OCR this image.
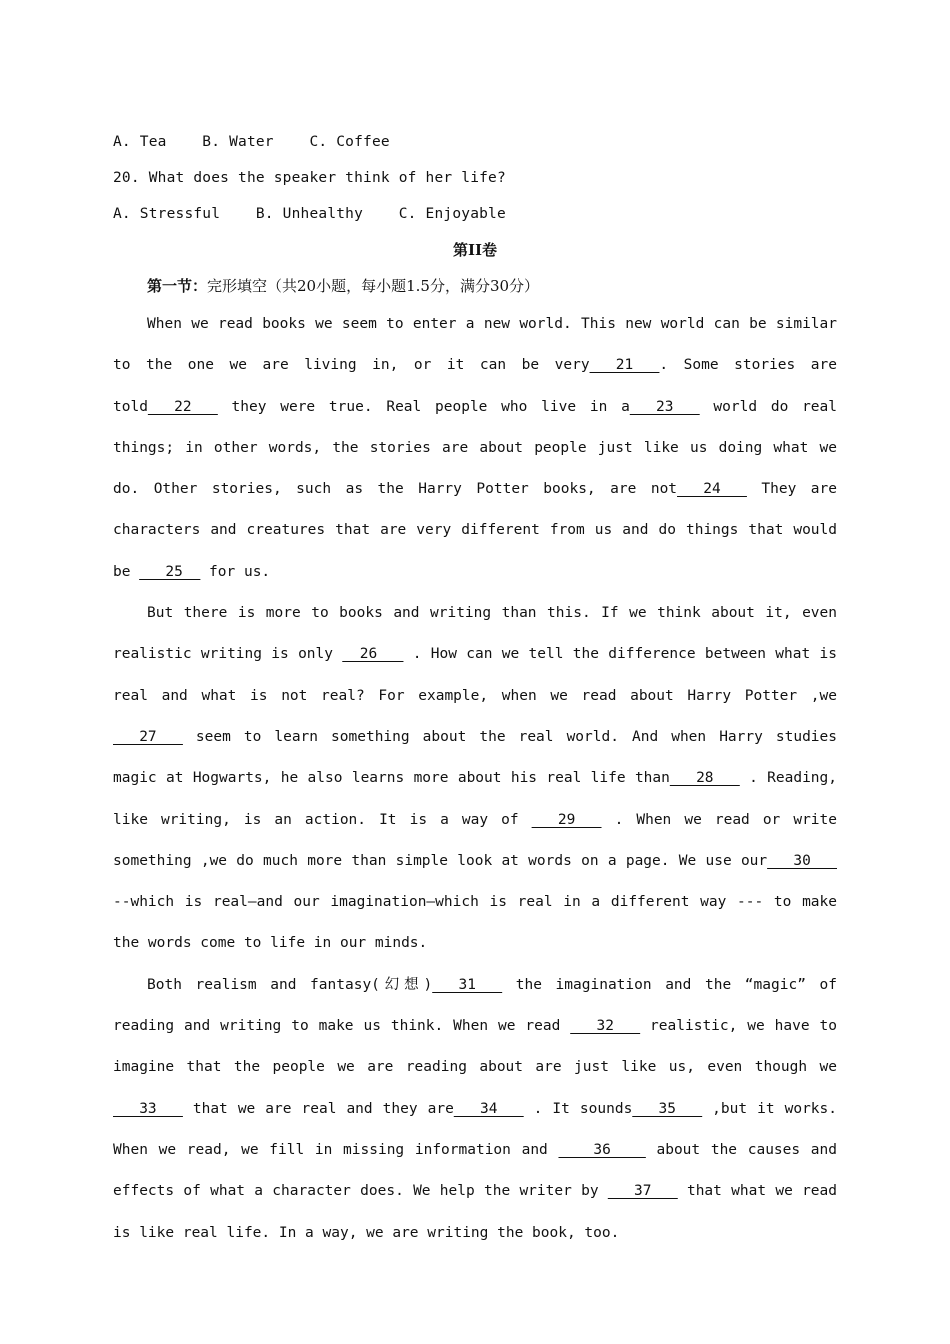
A. Tea    B. Water    C. Coffee
20. What does the speaker think of her life?
A. Stressful    B. Unhealthy    C. Enjoyable
第II卷
第一节：完形填空（共20小题，每小题1.5分，满分30分）

When we read books we seem to enter a new world. This new world can be similar to the one we are living in, or it can be very___21___. Some stories are told___22___ they were true. Real people who live in a___23___ world do real things; in other words, the stories are about people just like us doing what we do. Other stories, such as the Harry Potter books, are not___24___ They are characters and creatures that are very different from us and do things that would be ___25__ for us.

But there is more to books and writing than this. If we think about it, even realistic writing is only __26___ . How can we tell the difference between what is real and what is not real? For example, when we read about Harry Potter ,we ___27___ seem to learn something about the real world. And when Harry studies magic at Hogwarts, he also learns more about his real life than___28___ . Reading, like writing, is an action. It is a way of ___29___ . When we read or write something ,we do much more than simple look at words on a page. We use our___30___ --which is real—and our imagination—which is real in a different way --- to make the words come to life in our minds.

Both realism and fantasy(幻想)___31___ the imagination and the “magic” of reading and writing to make us think. When we read ___32___ realistic, we have to imagine that the people we are reading about are just like us, even though we ___33___ that we are real and they are___34___ . It sounds___35___ ,but it works. When we read, we fill in missing information and ____36____ about the causes and effects of what a character does. We help the writer by ___37___ that what we read is like real life. In a way, we are writing the book, too.
